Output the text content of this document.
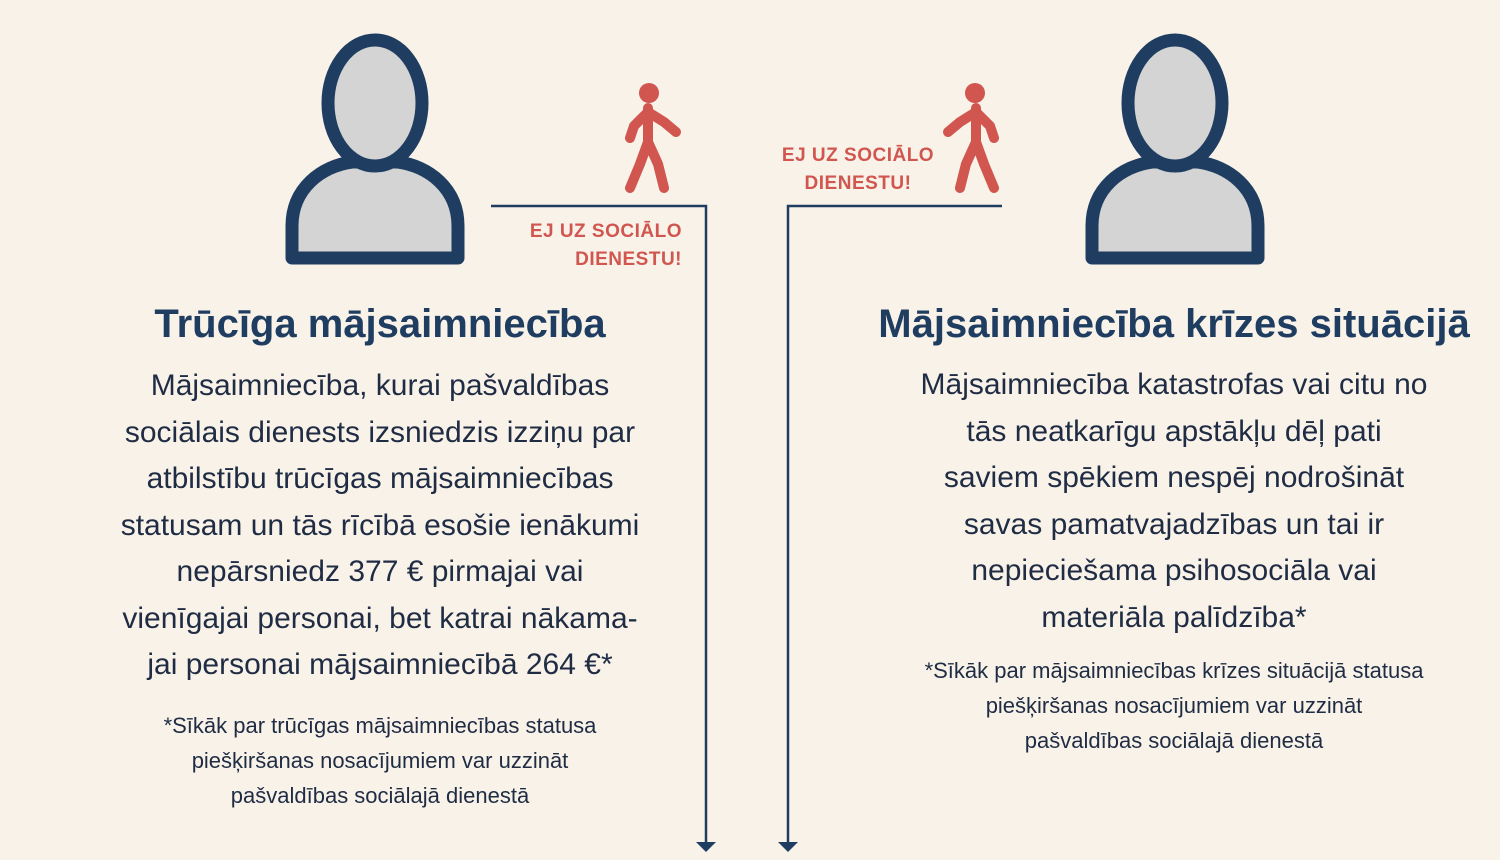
EJ UZ SOCIĀLO
DIENESTU!
EJ UZ SOCIĀLO
DIENESTU!
Trūcīga mājsaimniecība
Mājsaimniecība, kurai pašvaldības
sociālais dienests izsniedzis izziņu par
atbilstību trūcīgas mājsaimniecības
statusam un tās rīcībā esošie ienākumi
nepārsniedz 377 € pirmajai vai
vienīgajai personai, bet katrai nākama-
jai personai mājsaimniecībā 264 €*
*Sīkāk par trūcīgas mājsaimniecības statusa
piešķiršanas nosacījumiem var uzzināt
pašvaldības sociālajā dienestā
Mājsaimniecība krīzes situācijā
Mājsaimniecība katastrofas vai citu no
tās neatkarīgu apstākļu dēļ pati
saviem spēkiem nespēj nodrošināt
savas pamatvajadzības un tai ir
nepieciešama psihosociāla vai
materiāla palīdzība*
*Sīkāk par mājsaimniecības krīzes situācijā statusa
piešķiršanas nosacījumiem var uzzināt
pašvaldības sociālajā dienestā
